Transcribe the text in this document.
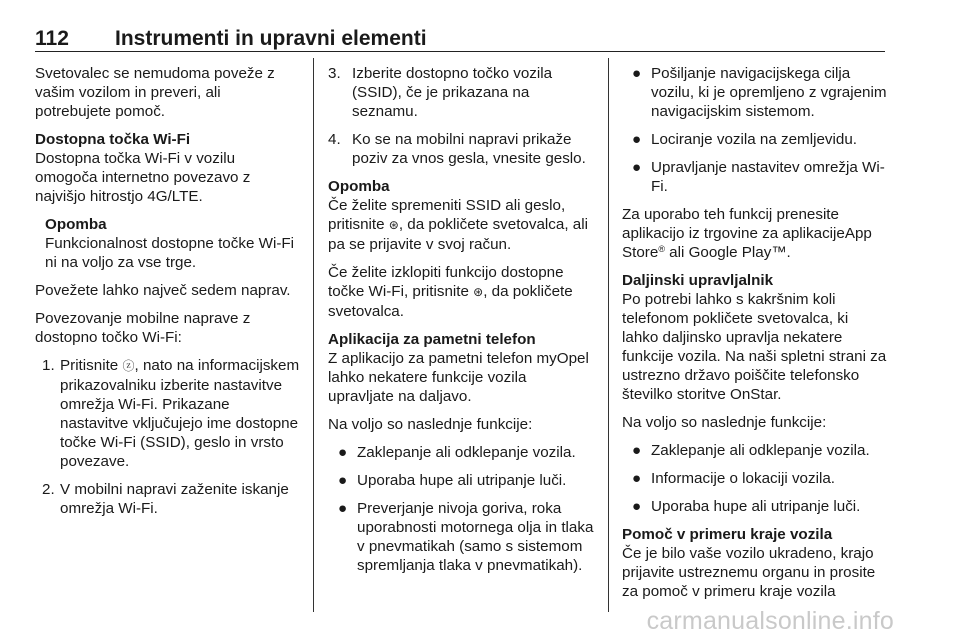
112 Instrumenti in upravni elementi

Svetovalec se nemudoma poveže z vašim vozilom in preveri, ali potrebujete pomoč.

Dostopna točka Wi-Fi

Dostopna točka Wi-Fi v vozilu omogoča internetno povezavo z najvišjo hitrostjo 4G/LTE.

Opomba
Funkcionalnost dostopne točke Wi-Fi ni na voljo za vse trge.

Povežete lahko največ sedem naprav.

Povezovanje mobilne naprave z dostopno točko Wi-Fi:

1. Pritisnite ⓩ, nato na informacijskem prikazovalniku izberite nastavitve omrežja Wi-Fi. Prikazane nastavitve vključujejo ime dostopne točke Wi-Fi (SSID), geslo in vrsto povezave.
2. V mobilni napravi zaženite iskanje omrežja Wi-Fi.
3. Izberite dostopno točko vozila (SSID), če je prikazana na seznamu.
4. Ko se na mobilni napravi prikaže poziv za vnos gesla, vnesite geslo.
Opomba
Če želite spremeniti SSID ali geslo, pritisnite ⊛, da pokličete svetovalca, ali pa se prijavite v svoj račun.

Če želite izklopiti funkcijo dostopne točke Wi-Fi, pritisnite ⊛, da pokličete svetovalca.

Aplikacija za pametni telefon

Z aplikacijo za pametni telefon myOpel lahko nekatere funkcije vozila upravljate na daljavo.

Na voljo so naslednje funkcije:

● Zaklepanje ali odklepanje vozila.
● Uporaba hupe ali utripanje luči.
● Preverjanje nivoja goriva, roka uporabnosti motornega olja in tlaka v pnevmatikah (samo s sistemom spremljanja tlaka v pnevmatikah).
● Pošiljanje navigacijskega cilja vozilu, ki je opremljeno z vgrajenim navigacijskim sistemom.
● Lociranje vozila na zemljevidu.
● Upravljanje nastavitev omrežja Wi-Fi.

Za uporabo teh funkcij prenesite aplikacijo iz trgovine za aplikacijeApp Store® ali Google Play™.

Daljinski upravljalnik

Po potrebi lahko s kakršnim koli telefonom pokličete svetovalca, ki lahko daljinsko upravlja nekatere funkcije vozila. Na naši spletni strani za ustrezno državo poiščite telefonsko številko storitve OnStar.

Na voljo so naslednje funkcije:

● Zaklepanje ali odklepanje vozila.
● Informacije o lokaciji vozila.
● Uporaba hupe ali utripanje luči.

Pomoč v primeru kraje vozila

Če je bilo vaše vozilo ukradeno, krajo prijavite ustreznemu organu in prosite za pomoč v primeru kraje vozila

carmanualsonline.info
